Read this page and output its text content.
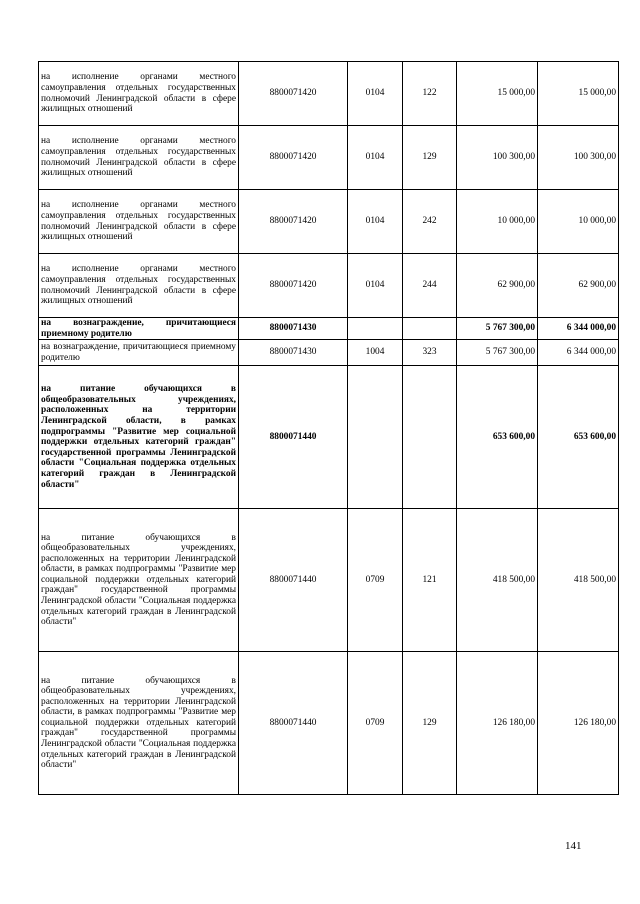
на исполнение органами местного самоуправления отдельных государственных полномочий Ленинградской области в сфере жилищных отношений	8800071420	0104	122	15 000,00	15 000,00
на исполнение органами местного самоуправления отдельных государственных полномочий Ленинградской области в сфере жилищных отношений	8800071420	0104	129	100 300,00	100 300,00
на исполнение органами местного самоуправления отдельных государственных полномочий Ленинградской области в сфере жилищных отношений	8800071420	0104	242	10 000,00	10 000,00
на исполнение органами местного самоуправления отдельных государственных полномочий Ленинградской области в сфере жилищных отношений	8800071420	0104	244	62 900,00	62 900,00
на вознаграждение, причитающиеся приемному родителю	8800071430			5 767 300,00	6 344 000,00
на вознаграждение, причитающиеся приемному родителю	8800071430	1004	323	5 767 300,00	6 344 000,00
на питание обучающихся в общеобразовательных учреждениях, расположенных на территории Ленинградской области, в рамках подпрограммы "Развитие мер социальной поддержки отдельных категорий граждан" государственной программы Ленинградской области "Социальная поддержка отдельных категорий граждан в Ленинградской области"	8800071440			653 600,00	653 600,00
на питание обучающихся в общеобразовательных учреждениях, расположенных на территории Ленинградской области, в рамках подпрограммы "Развитие мер социальной поддержки отдельных категорий граждан" государственной программы Ленинградской области "Социальная поддержка отдельных категорий граждан в Ленинградской области"	8800071440	0709	121	418 500,00	418 500,00
на питание обучающихся в общеобразовательных учреждениях, расположенных на территории Ленинградской области, в рамках подпрограммы "Развитие мер социальной поддержки отдельных категорий граждан" государственной программы Ленинградской области "Социальная поддержка отдельных категорий граждан в Ленинградской области"	8800071440	0709	129	126 180,00	126 180,00
141
